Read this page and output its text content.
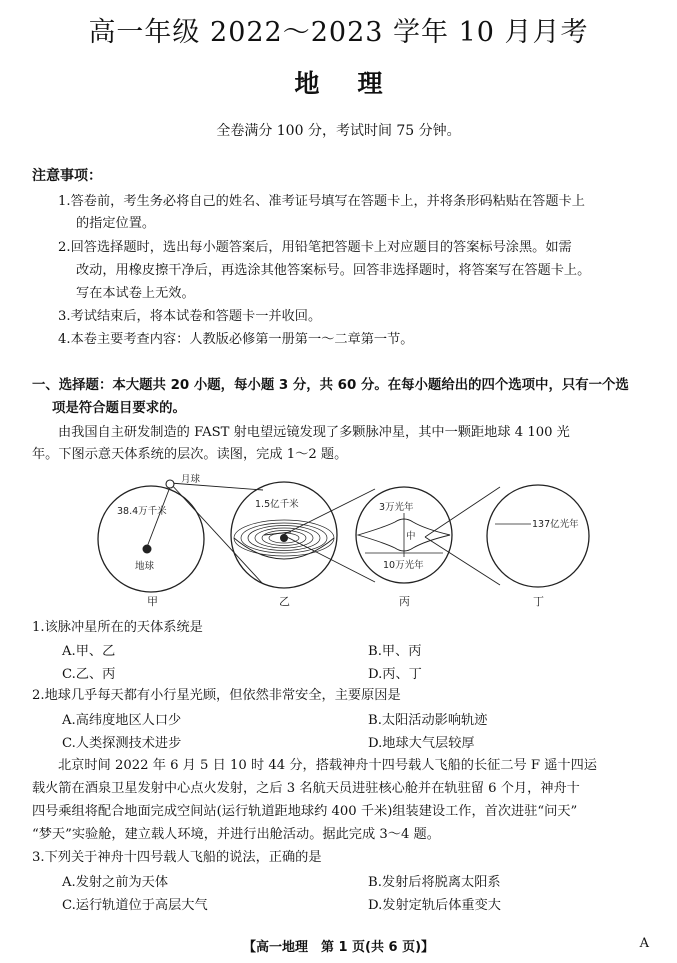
高一年级 2022～2023 学年 10 月月考
地理
全卷满分 100 分，考试时间 75 分钟。
注意事项：
1.答卷前，考生务必将自己的姓名、准考证号填写在答题卡上，并将条形码粘贴在答题卡上
的指定位置。
2.回答选择题时，选出每小题答案后，用铅笔把答题卡上对应题目的答案标号涂黑。如需
改动，用橡皮擦干净后，再选涂其他答案标号。回答非选择题时，将答案写在答题卡上。
写在本试卷上无效。
3.考试结束后，将本试卷和答题卡一并收回。
4.本卷主要考查内容：人教版必修第一册第一～二章第一节。
一、选择题：本大题共 20 小题，每小题 3 分，共 60 分。在每小题给出的四个选项中，只有一个选
项是符合题目要求的。
由我国自主研发制造的 FAST 射电望远镜发现了多颗脉冲星，其中一颗距地球 4 100 光
年。下图示意天体系统的层次。读图，完成 1～2 题。
月球
38.4万千米
地球
1.5亿千米	3万光年
中
10万光年
137亿光年
甲	乙	丙	丁
1.该脉冲星所在的天体系统是
A.甲、乙	B.甲、丙
C.乙、丙	D.丙、丁
2.地球几乎每天都有小行星光顾，但依然非常安全，主要原因是
A.高纬度地区人口少	B.太阳活动影响轨迹
C.人类探测技术进步	D.地球大气层较厚
北京时间 2022 年 6 月 5 日 10 时 44 分，搭载神舟十四号载人飞船的长征二号 F 遥十四运
载火箭在酒泉卫星发射中心点火发射，之后 3 名航天员进驻核心舱并在轨驻留 6 个月，神舟十
四号乘组将配合地面完成空间站(运行轨道距地球约 400 千米)组装建设工作，首次进驻“问天”
“梦天”实验舱，建立载人环境，并进行出舱活动。据此完成 3～4 题。
3.下列关于神舟十四号载人飞船的说法，正确的是
A.发射之前为天体	B.发射后将脱离太阳系
C.运行轨道位于高层大气	D.发射定轨后体重变大
【高一地理　第 1 页(共 6 页)】	A
